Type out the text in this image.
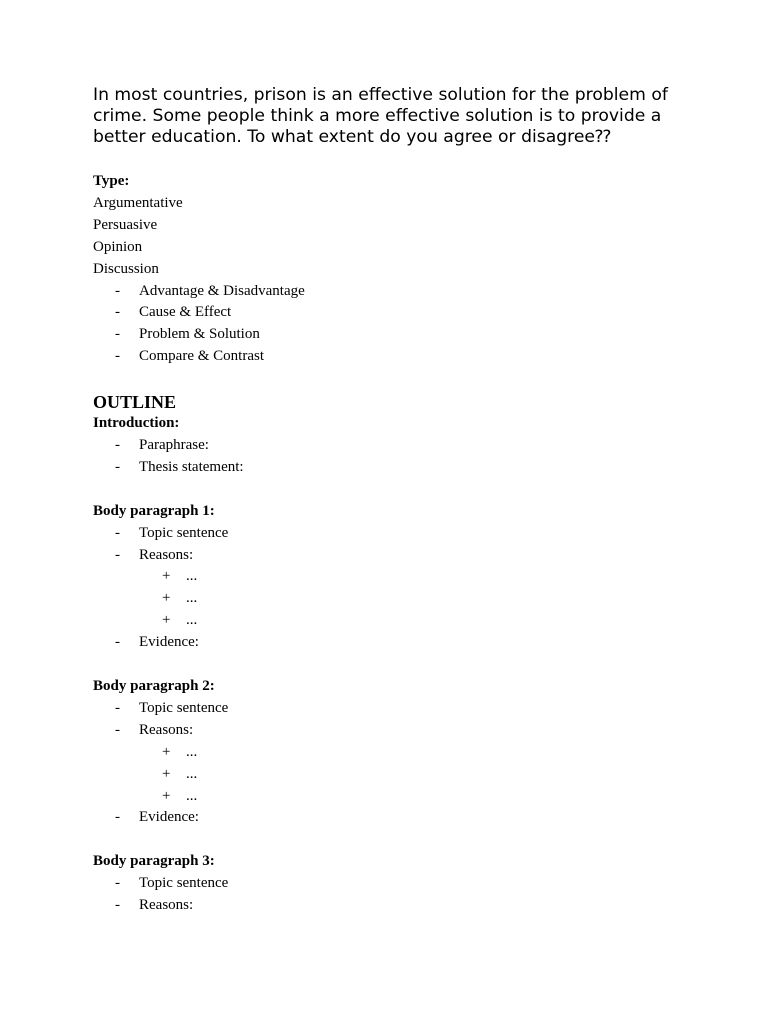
In most countries, prison is an effective solution for the problem of
crime. Some people think a more effective solution is to provide a
better education. To what extent do you agree or disagree⁇
Type:
Argumentative
Persuasive
Opinion
Discussion
- Advantage & Disadvantage
- Cause & Effect
- Problem & Solution
- Compare & Contrast
OUTLINE
Introduction:
- Paraphrase:
- Thesis statement:
Body paragraph 1:
- Topic sentence
- Reasons:
+ ...
+ ...
+ ...
- Evidence:
Body paragraph 2:
- Topic sentence
- Reasons:
+ ...
+ ...
+ ...
- Evidence:
Body paragraph 3:
- Topic sentence
- Reasons:
